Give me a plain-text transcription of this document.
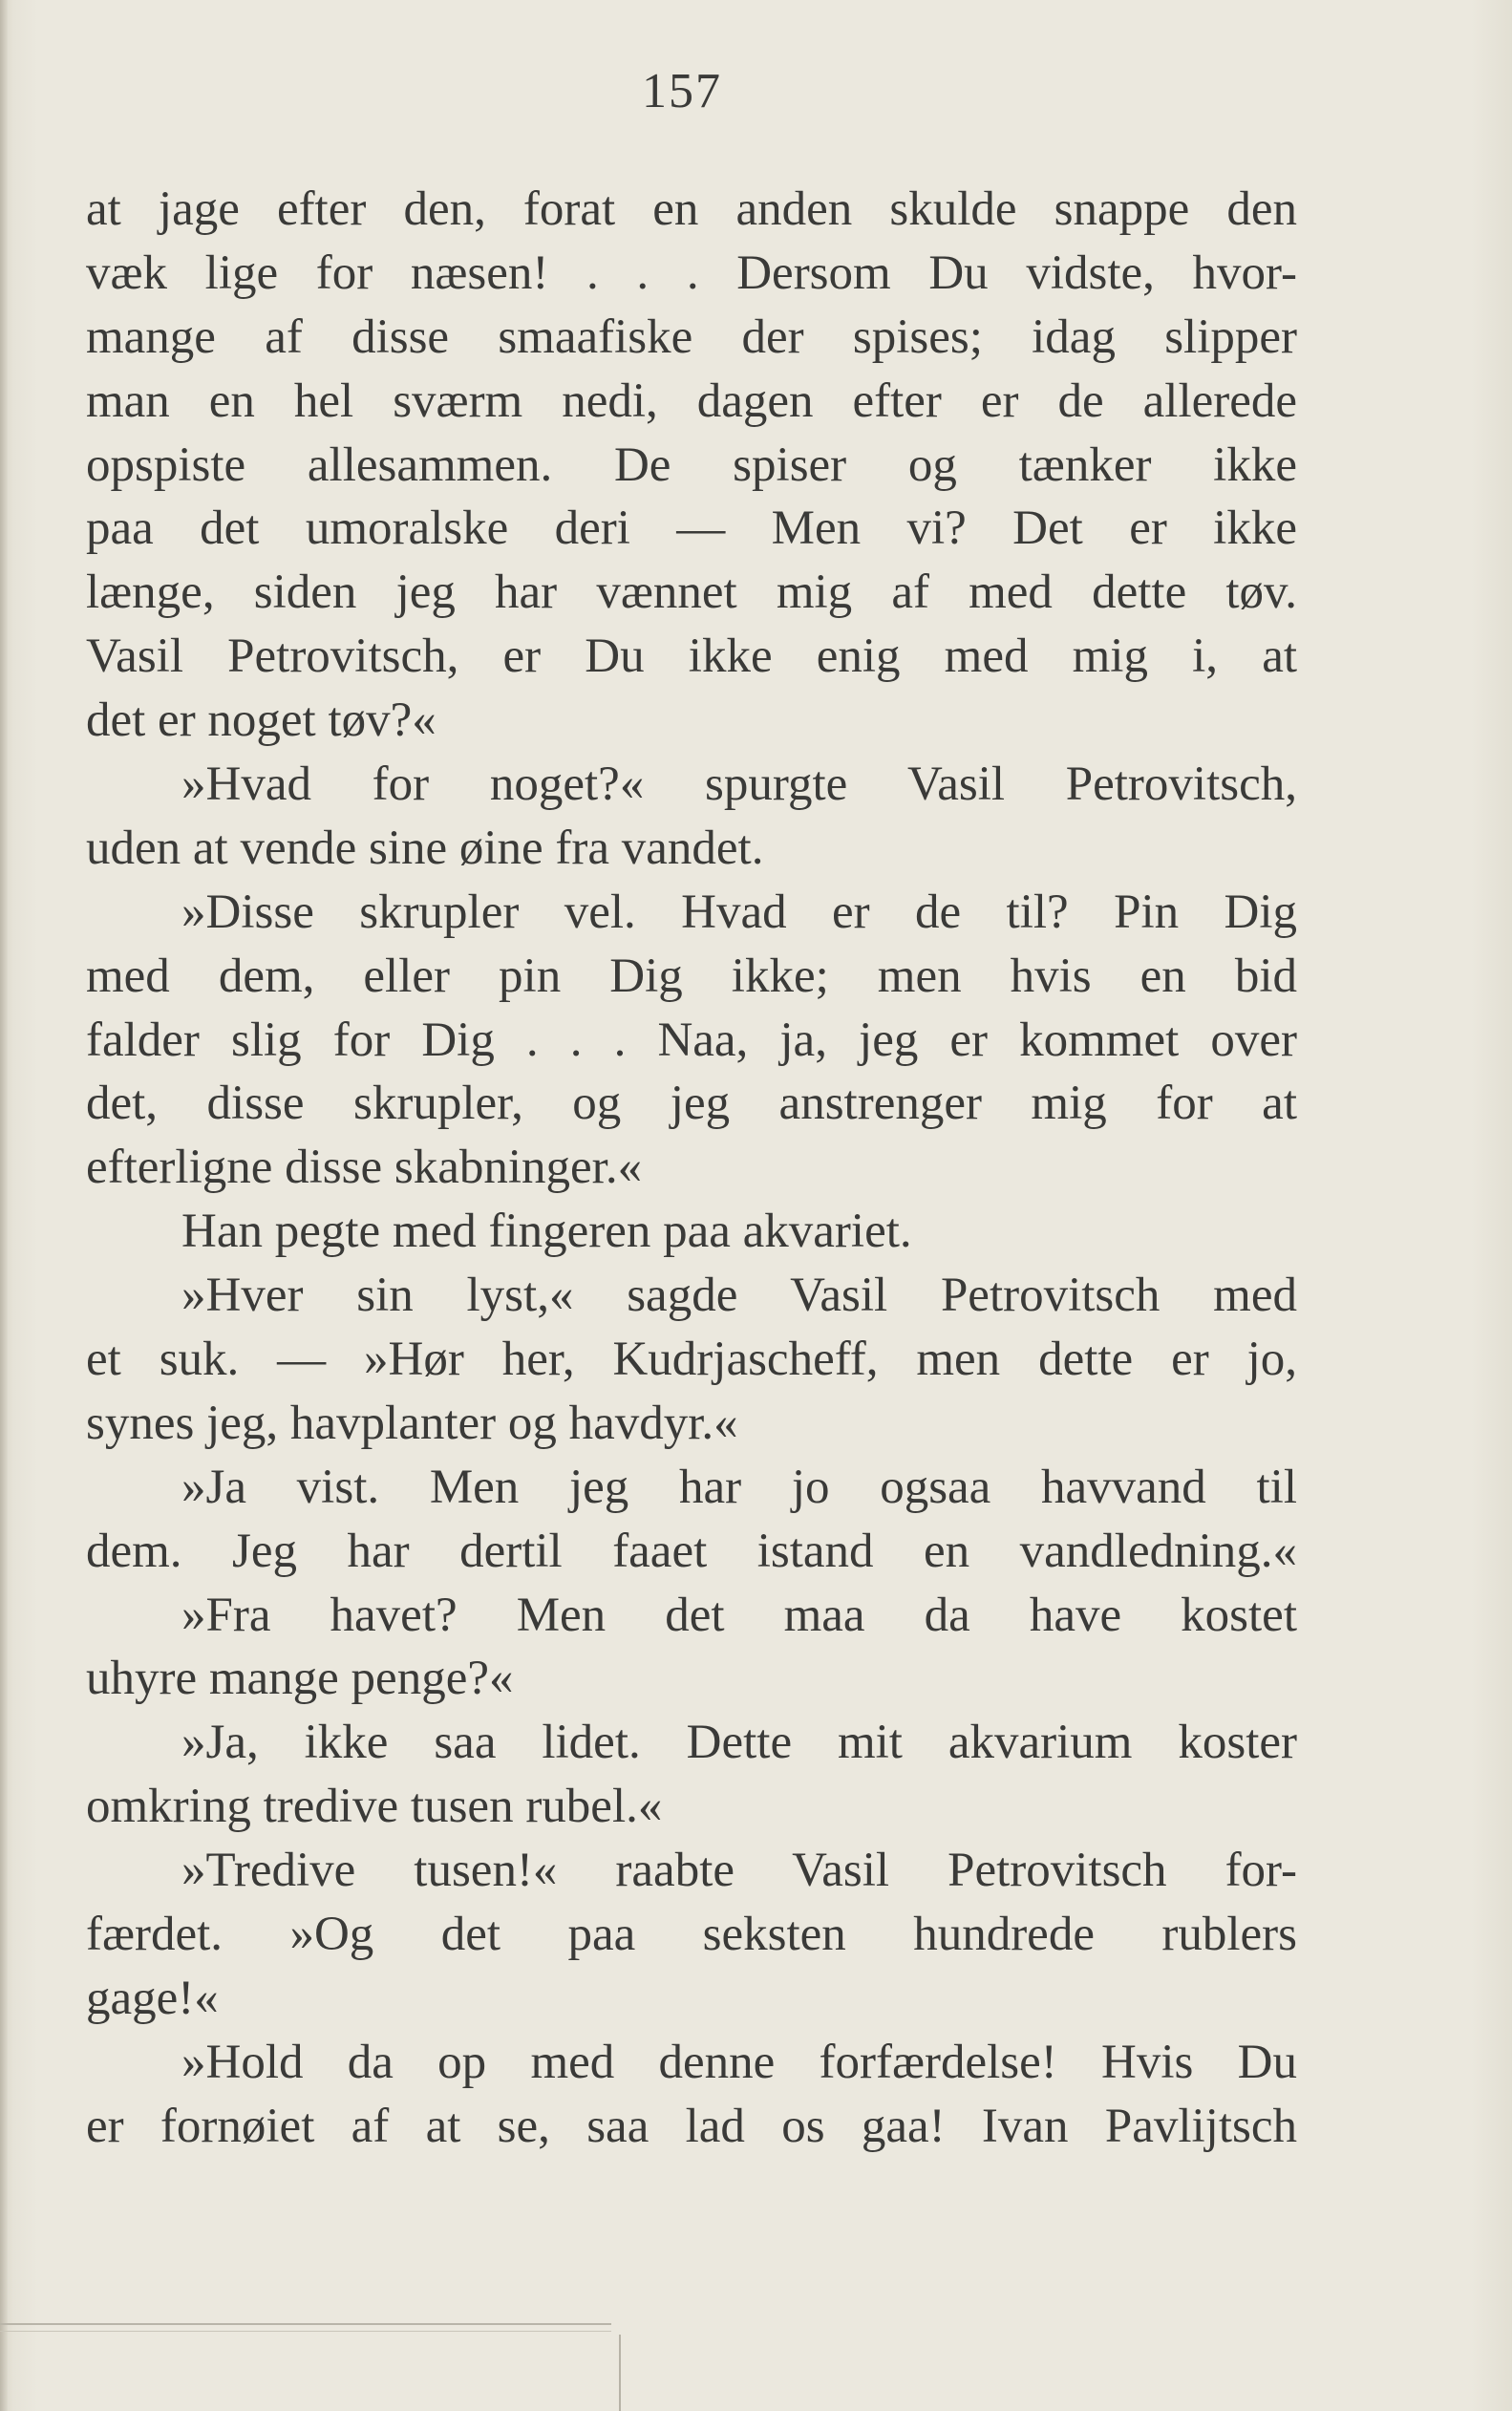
157
at jage efter den, forat en anden skulde snappe den
væk lige for næsen! . . . Dersom Du vidste, hvor-
mange af disse smaafiske der spises; idag slipper
man en hel sværm nedi, dagen efter er de allerede
opspiste allesammen. De spiser og tænker ikke
paa det umoralske deri — Men vi? Det er ikke
længe, siden jeg har vænnet mig af med dette tøv.
Vasil Petrovitsch, er Du ikke enig med mig i, at
det er noget tøv?«
»Hvad for noget?« spurgte Vasil Petrovitsch,
uden at vende sine øine fra vandet.
»Disse skrupler vel. Hvad er de til? Pin Dig
med dem, eller pin Dig ikke; men hvis en bid
falder slig for Dig . . . Naa, ja, jeg er kommet over
det, disse skrupler, og jeg anstrenger mig for at
efterligne disse skabninger.«
Han pegte med fingeren paa akvariet.
»Hver sin lyst,« sagde Vasil Petrovitsch med
et suk. — »Hør her, Kudrjascheff, men dette er jo,
synes jeg, havplanter og havdyr.«
»Ja vist. Men jeg har jo ogsaa havvand til
dem. Jeg har dertil faaet istand en vandledning.«
»Fra havet? Men det maa da have kostet
uhyre mange penge?«
»Ja, ikke saa lidet. Dette mit akvarium koster
omkring tredive tusen rubel.«
»Tredive tusen!« raabte Vasil Petrovitsch for-
færdet. »Og det paa seksten hundrede rublers
gage!«
»Hold da op med denne forfærdelse! Hvis Du
er fornøiet af at se, saa lad os gaa! Ivan Pavlijtsch
